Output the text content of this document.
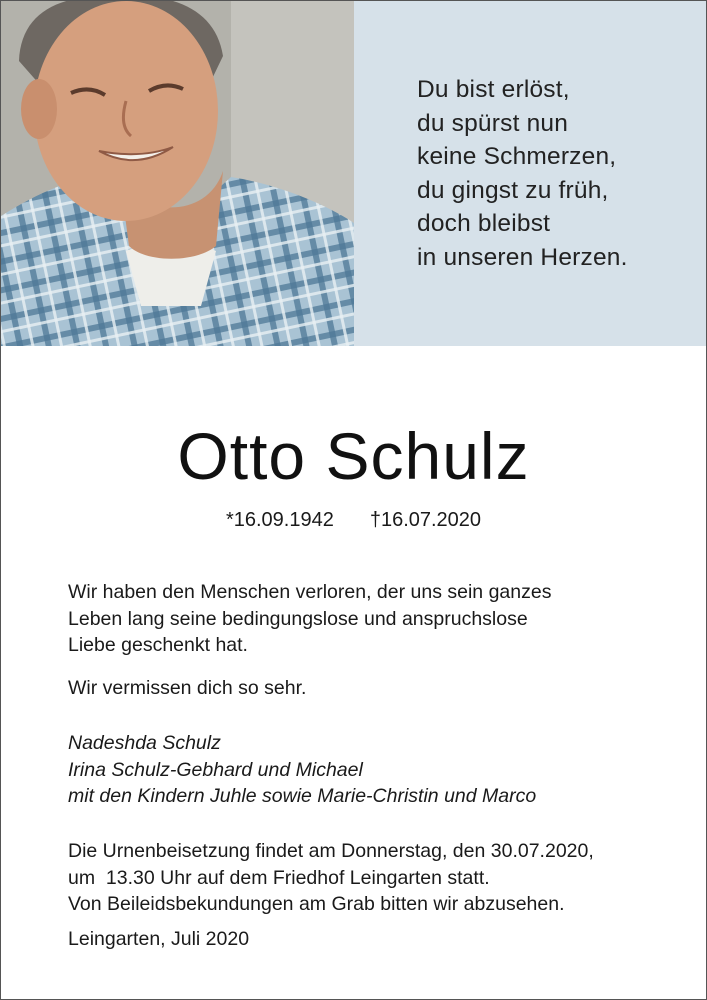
Du bist erlöst,
du spürst nun
keine Schmerzen,
du gingst zu früh,
doch bleibst
in unseren Herzen.

Otto Schulz
*16.09.1942 †16.07.2020

Wir haben den Menschen verloren, der uns sein ganzes
Leben lang seine bedingungslose und anspruchslose
Liebe geschenkt hat.

Wir vermissen dich so sehr.

Nadeshda Schulz
Irina Schulz-Gebhard und Michael
mit den Kindern Juhle sowie Marie-Christin und Marco

Die Urnenbeisetzung findet am Donnerstag, den 30.07.2020,
um  13.30 Uhr auf dem Friedhof Leingarten statt.
Von Beileidsbekundungen am Grab bitten wir abzusehen.

Leingarten, Juli 2020
